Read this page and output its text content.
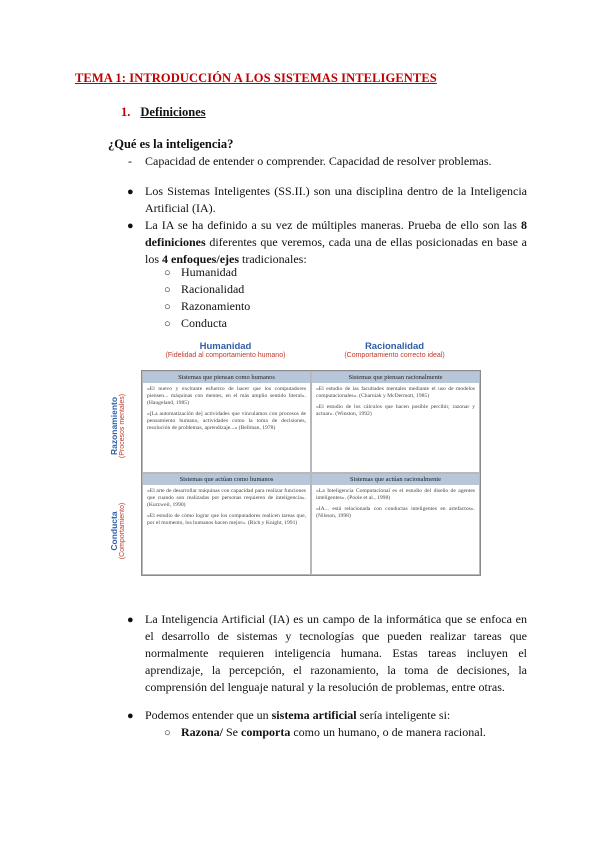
TEMA 1: INTRODUCCIÓN A LOS SISTEMAS INTELIGENTES
1. Definiciones
¿Qué es la inteligencia?
- Capacidad de entender o comprender. Capacidad de resolver problemas.
● Los Sistemas Inteligentes (SS.II.) son una disciplina dentro de la Inteligencia Artificial (IA).
● La IA se ha definido a su vez de múltiples maneras. Prueba de ello son las 8 definiciones diferentes que veremos, cada una de ellas posicionadas en base a los 4 enfoques/ejes tradicionales:
○ Humanidad
○ Racionalidad
○ Razonamiento
○ Conducta
Humanidad
(Fidelidad al comportamiento humano)
Racionalidad
(Comportamiento correcto ideal)
Razonamiento (Procesos mentales)
Conducta (Comportamiento)
Sistemas que piensan como humanos
«El nuevo y excitante esfuerzo de hacer que los computadores piensen... máquinas con mentes, en el más amplio sentido literal». (Haugeland, 1985)
«[La automatización de] actividades que vinculamos con procesos de pensamiento humano, actividades como la toma de decisiones, resolución de problemas, aprendizaje...» (Bellman, 1978)
Sistemas que piensan racionalmente
«El estudio de las facultades mentales mediante el uso de modelos computacionales». (Charniak y McDermott, 1985)
«El estudio de los cálculos que hacen posible percibir, razonar y actuar». (Winston, 1992)
Sistemas que actúan como humanos
«El arte de desarrollar máquinas con capacidad para realizar funciones que cuando son realizadas por personas requieren de inteligencia». (Kurzweil, 1990)
«El estudio de cómo lograr que los computadores realicen tareas que, por el momento, los humanos hacen mejor». (Rich y Knight, 1991)
Sistemas que actúan racionalmente
«La Inteligencia Computacional es el estudio del diseño de agentes inteligentes». (Poole et al., 1998)
«IA... está relacionada con conductas inteligentes en artefactos». (Nilsson, 1998)
● La Inteligencia Artificial (IA) es un campo de la informática que se enfoca en el desarrollo de sistemas y tecnologías que pueden realizar tareas que normalmente requieren inteligencia humana. Estas tareas incluyen el aprendizaje, la percepción, el razonamiento, la toma de decisiones, la comprensión del lenguaje natural y la resolución de problemas, entre otras.
● Podemos entender que un sistema artificial sería inteligente si:
○ Razona/ Se comporta como un humano, o de manera racional.
